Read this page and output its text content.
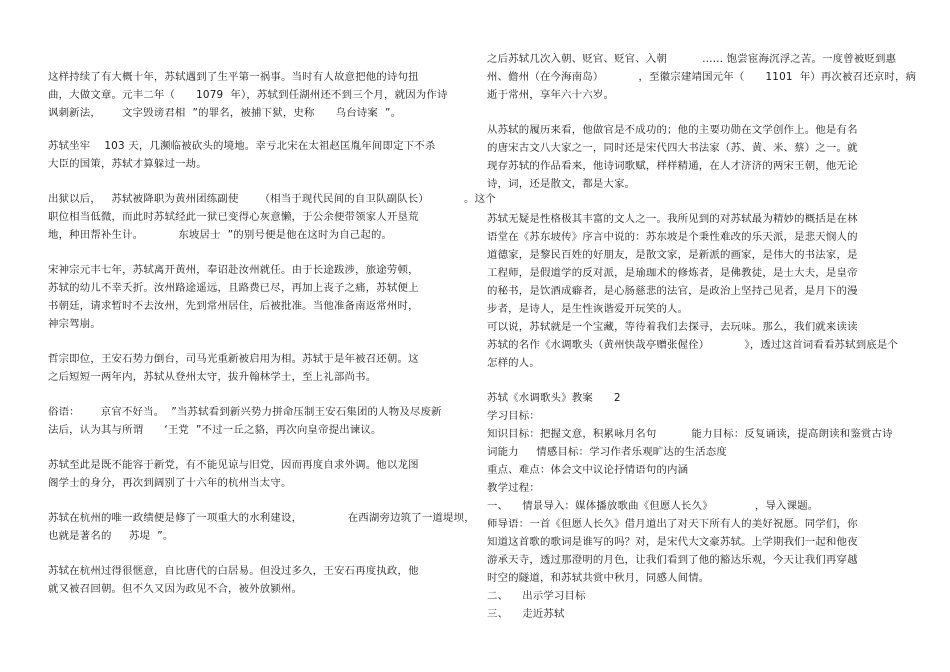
这样持续了有大概十年，苏轼遇到了生平第一祸事。当时有人故意把他的诗句扭
曲，大做文章。元丰二年（      1079  年），苏轼到任湖州还不到三个月，就因为作诗
讽刺新法，      文字毁谤君相  ”的罪名，被捕下狱，史称      乌台诗案  ”。
苏轼坐牢    103 天，几濒临被砍头的境地。幸亏北宋在太祖赵匡胤年间即定下不杀
大臣的国策，苏轼才算躲过一劫。
出狱以后，   苏轼被降职为黄州团练副使      （相当于现代民间的自卫队副队长）          。这个
职位相当低微，而此时苏轼经此一狱已变得心灰意懒，于公余便带领家人开垦荒
地，种田帮补生计。          东坡居士  ”的别号便是他在这时为自己起的。
宋神宗元丰七年，苏轼离开黄州，奉诏赴汝州就任。由于长途跋涉，旅途劳顿，
苏轼的幼儿不幸夭折。汝州路途遥远，且路费已尽，再加上丧子之痛，苏轼便上
书朝廷，请求暂时不去汝州，先到常州居住，后被批准。当他准备南返常州时，
神宗驾崩。
哲宗即位，王安石势力倒台，司马光重新被启用为相。苏轼于是年被召还朝。这
之后短短一两年内，苏轼从登州太守，拔升翰林学士，至上礼部尚书。
俗语：      京官不好当。  ”当苏轼看到新兴势力拼命压制王安石集团的人物及尽废新
法后，认为其与所谓      ‘王党  ”不过一丘之貉，再次向皇帝提出谏议。
苏轼至此是既不能容于新党，有不能见谅与旧党，因而再度自求外调。他以龙图
阁学士的身分，再次到阔别了十六年的杭州当太守。
苏轼在杭州的唯一政绩便是修了一项重大的水利建设，             在西湖旁边筑了一道堤坝，
也就是著名的     苏堤  ”。
苏轼在杭州过得很惬意，自比唐代的白居易。但没过多久，王安石再度执政，他
就又被召回朝。但不久又因为政见不合，被外放颍州。
之后苏轼几次入朝、贬官、贬官、入朝          …… 饱尝宦海沉浮之苦。一度曾被贬到惠
州、儋州（在今海南岛）          ，至徽宗建靖国元年（      1101  年）再次被召还京时，病
逝于常州，享年六十六岁。
从苏轼的履历来看，他做官是不成功的；他的主要功勋在文学创作上。他是有名
的唐宋古文八大家之一，同时还是宋代四大书法家（苏、黄、米、蔡）之一。就
现存苏轼的作品看来，他诗词歌赋，样样精通，在人才济济的两宋王朝，他无论
诗，词，还是散文，都是大家。
苏轼无疑是性格极其丰富的文人之一。我所见到的对苏轼最为精妙的概括是在林
语堂在《苏东坡传》序言中说的：苏东坡是个秉性难改的乐天派，是悲天悯人的
道德家，是黎民百姓的好朋友，是散文家，是新派的画家，是伟大的书法家，是
工程师，是假道学的反对派，是瑜珈术的修炼者，是佛教徒，是士大夫，是皇帝
的秘书，是饮酒成癖者，是心肠慈悲的法官，是政治上坚持己见者，是月下的漫
步者，是诗人，是生性诙谐爱开玩笑的人。
可以说，苏轼就是一个宝藏，等待着我们去探寻，去玩味。那么，我们就来读读
苏轼的名作《水调歌头（黄州快哉亭赠张偓佺）          》，透过这首词看看苏轼到底是个
怎样的人。
苏轼《水调歌头》教案      2
学习目标：
知识目标：把握文意，积累咏月名句          能力目标：反复诵读，提高朗读和鉴赏古诗
词能力     情感目标：学习作者乐观旷达的生活态度
重点、难点：体会文中议论抒情语句的内涵
教学过程：
一、    情景导入：媒体播放歌曲《但愿人长久》            ，导入课题。
师导语：一首《但愿人长久》借月道出了对天下所有人的美好祝愿。同学们，你
知道这首歌的歌词是谁写的吗？对，是宋代大文豪苏轼。上学期我们一起和他夜
游承天寺，透过那澄明的月色，让我们看到了他的豁达乐观，今天让我们再穿越
时空的隧道，和苏轼共赏中秋月，同感人间情。
二、    出示学习目标
三、    走近苏轼
